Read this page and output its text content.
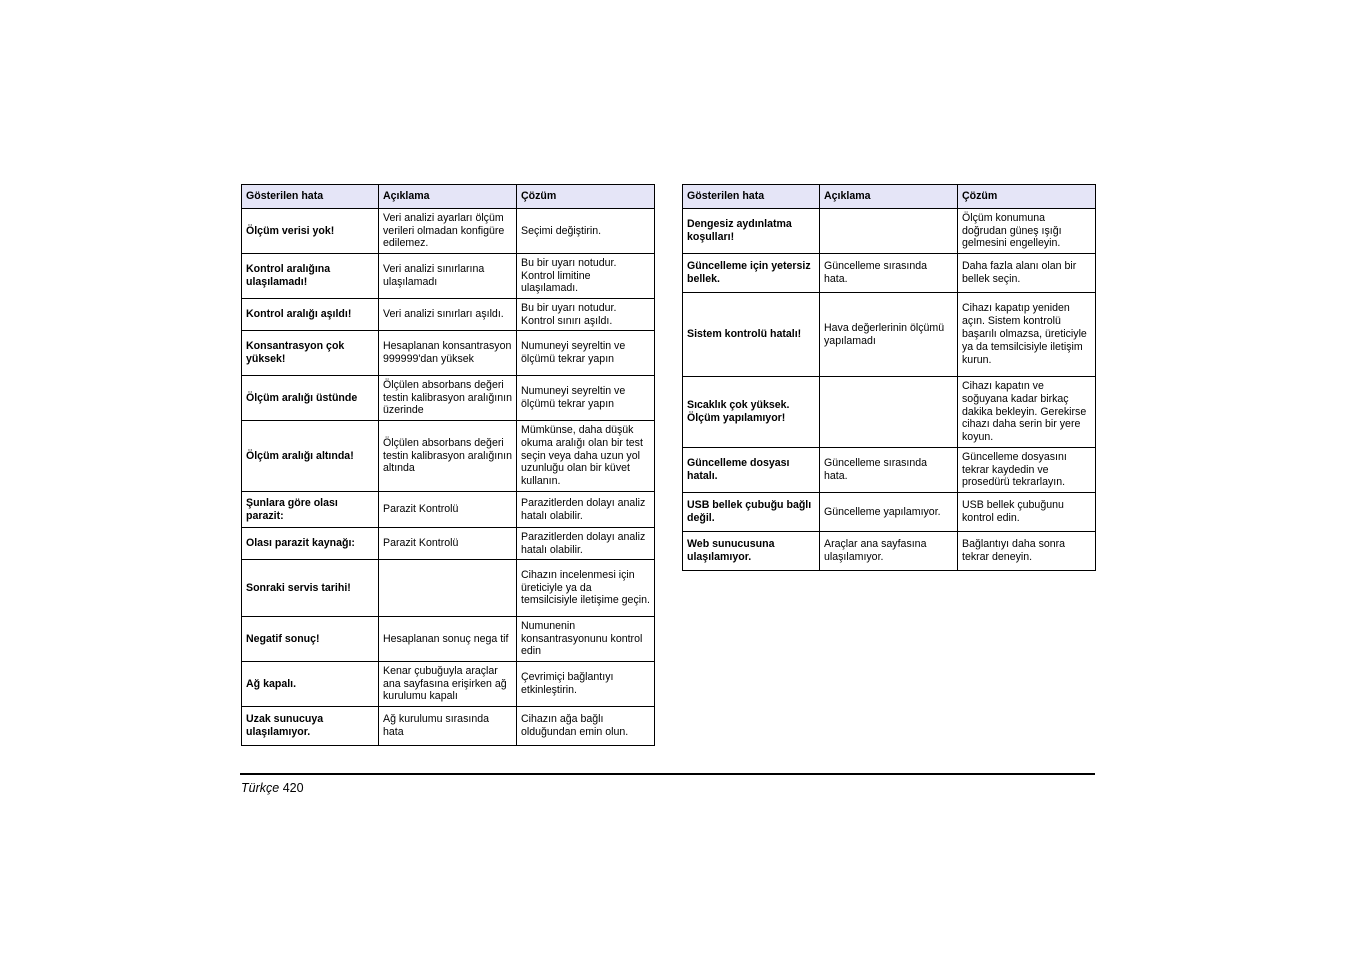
Gösterilen hata	Açıklama	Çözüm
Ölçüm verisi yok!	Veri analizi ayarları ölçüm verileri olmadan konfigüre edilemez.	Seçimi değiştirin.
Kontrol aralığına ulaşılamadı!	Veri analizi sınırlarına ulaşılamadı	Bu bir uyarı notudur. Kontrol limitine ulaşılamadı.
Kontrol aralığı aşıldı!	Veri analizi sınırları aşıldı.	Bu bir uyarı notudur. Kontrol sınırı aşıldı.
Konsantrasyon çok yüksek!	Hesaplanan konsantrasyon 999999'dan yüksek	Numuneyi seyreltin ve ölçümü tekrar yapın
Ölçüm aralığı üstünde	Ölçülen absorbans değeri testin kalibrasyon aralığının üzerinde	Numuneyi seyreltin ve ölçümü tekrar yapın
Ölçüm aralığı altında!	Ölçülen absorbans değeri testin kalibrasyon aralığının altında	Mümkünse, daha düşük okuma aralığı olan bir test seçin veya daha uzun yol uzunluğu olan bir küvet kullanın.
Şunlara göre olası parazit:	Parazit Kontrolü	Parazitlerden dolayı analiz hatalı olabilir.
Olası parazit kaynağı:	Parazit Kontrolü	Parazitlerden dolayı analiz hatalı olabilir.
Sonraki servis tarihi!		Cihazın incelenmesi için üreticiyle ya da temsilcisiyle iletişime geçin.
Negatif sonuç!	Hesaplanan sonuç nega tif	Numunenin konsantrasyonunu kontrol edin
Ağ kapalı.	Kenar çubuğuyla araçlar ana sayfasına erişirken ağ kurulumu kapalı	Çevrimiçi bağlantıyı etkinleştirin.
Uzak sunucuya ulaşılamıyor.	Ağ kurulumu sırasında hata	Cihazın ağa bağlı olduğundan emin olun.
Gösterilen hata	Açıklama	Çözüm
Dengesiz aydınlatma koşulları!		Ölçüm konumuna doğrudan güneş ışığı gelmesini engelleyin.
Güncelleme için yetersiz bellek.	Güncelleme sırasında hata.	Daha fazla alanı olan bir bellek seçin.
Sistem kontrolü hatalı!	Hava değerlerinin ölçümü yapılamadı	Cihazı kapatıp yeniden açın. Sistem kontrolü başarılı olmazsa, üreticiyle ya da temsilcisiyle iletişim kurun.
Sıcaklık çok yüksek. Ölçüm yapılamıyor!		Cihazı kapatın ve soğuyana kadar birkaç dakika bekleyin. Gerekirse cihazı daha serin bir yere koyun.
Güncelleme dosyası hatalı.	Güncelleme sırasında hata.	Güncelleme dosyasını tekrar kaydedin ve prosedürü tekrarlayın.
USB bellek çubuğu bağlı değil.	Güncelleme yapılamıyor.	USB bellek çubuğunu kontrol edin.
Web sunucusuna ulaşılamıyor.	Araçlar ana sayfasına ulaşılamıyor.	Bağlantıyı daha sonra tekrar deneyin.
Türkçe 420
